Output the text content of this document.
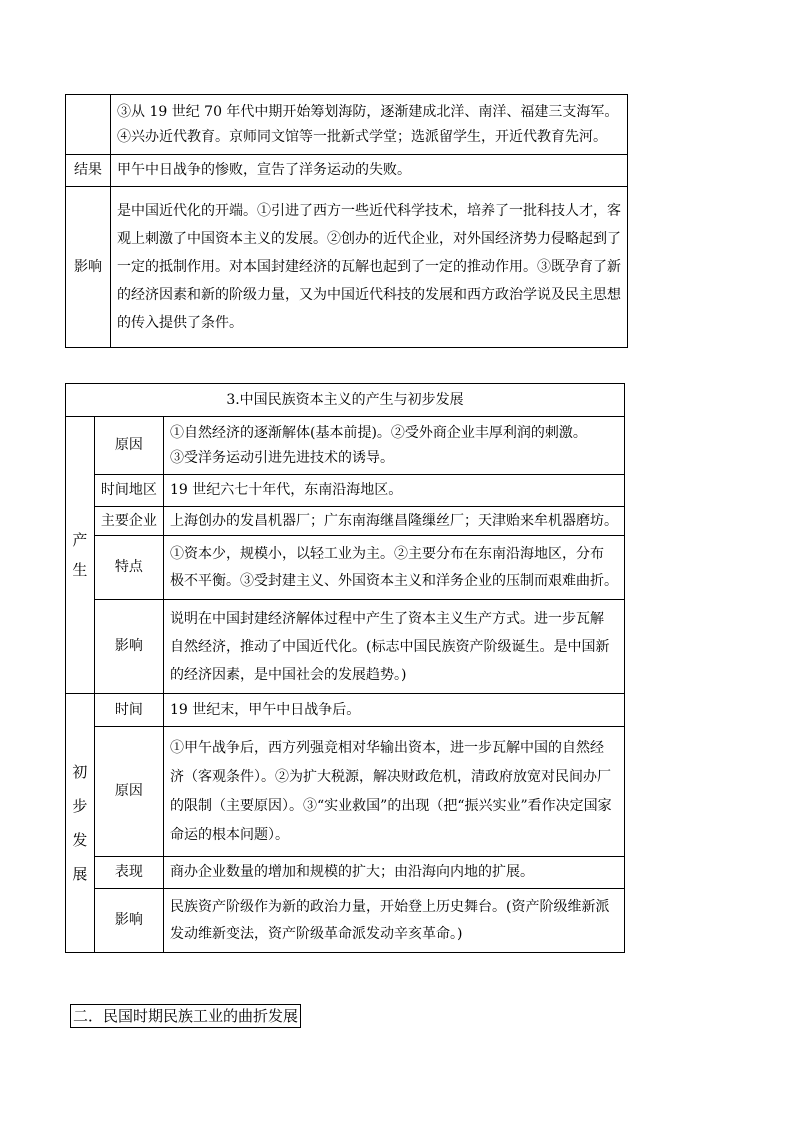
	③从 19 世纪 70 年代中期开始筹划海防，逐渐建成北洋、南洋、福建三支海军。
④兴办近代教育。京师同文馆等一批新式学堂；选派留学生，开近代教育先河。

结果	甲午中日战争的惨败，宣告了洋务运动的失败。

影响	是中国近代化的开端。①引进了西方一些近代科学技术，培养了一批科技人才，客
观上刺激了中国资本主义的发展。②创办的近代企业，对外国经济势力侵略起到了
一定的抵制作用。对本国封建经济的瓦解也起到了一定的推动作用。③既孕育了新
的经济因素和新的阶级力量，又为中国近代科技的发展和西方政治学说及民主思想
的传入提供了条件。
3.中国民族资本主义的产生与初步发展		

产
生	原因	①自然经济的逐渐解体(基本前提)。②受外商企业丰厚利润的刺激。
③受洋务运动引进先进技术的诱导。

	时间地区	19 世纪六七十年代，东南沿海地区。

	主要企业	上海创办的发昌机器厂；广东南海继昌隆缫丝厂；天津贻来牟机器磨坊。

	特点	①资本少，规模小，以轻工业为主。②主要分布在东南沿海地区，分布
极不平衡。③受封建主义、外国资本主义和洋务企业的压制而艰难曲折。

	影响	说明在中国封建经济解体过程中产生了资本主义生产方式。进一步瓦解
自然经济，推动了中国近代化。(标志中国民族资产阶级诞生。是中国新
的经济因素，是中国社会的发展趋势。)

初
步
发
展	时间	19 世纪末，甲午中日战争后。

	原因	①甲午战争后，西方列强竞相对华输出资本，进一步瓦解中国的自然经
济（客观条件）。②为扩大税源，解决财政危机，清政府放宽对民间办厂
的限制（主要原因）。③“实业救国”的出现（把“振兴实业”看作决定国家
命运的根本问题）。

	表现	商办企业数量的增加和规模的扩大；由沿海向内地的扩展。

	影响	民族资产阶级作为新的政治力量，开始登上历史舞台。(资产阶级维新派
发动维新变法，资产阶级革命派发动辛亥革命。)
二．民国时期民族工业的曲折发展
